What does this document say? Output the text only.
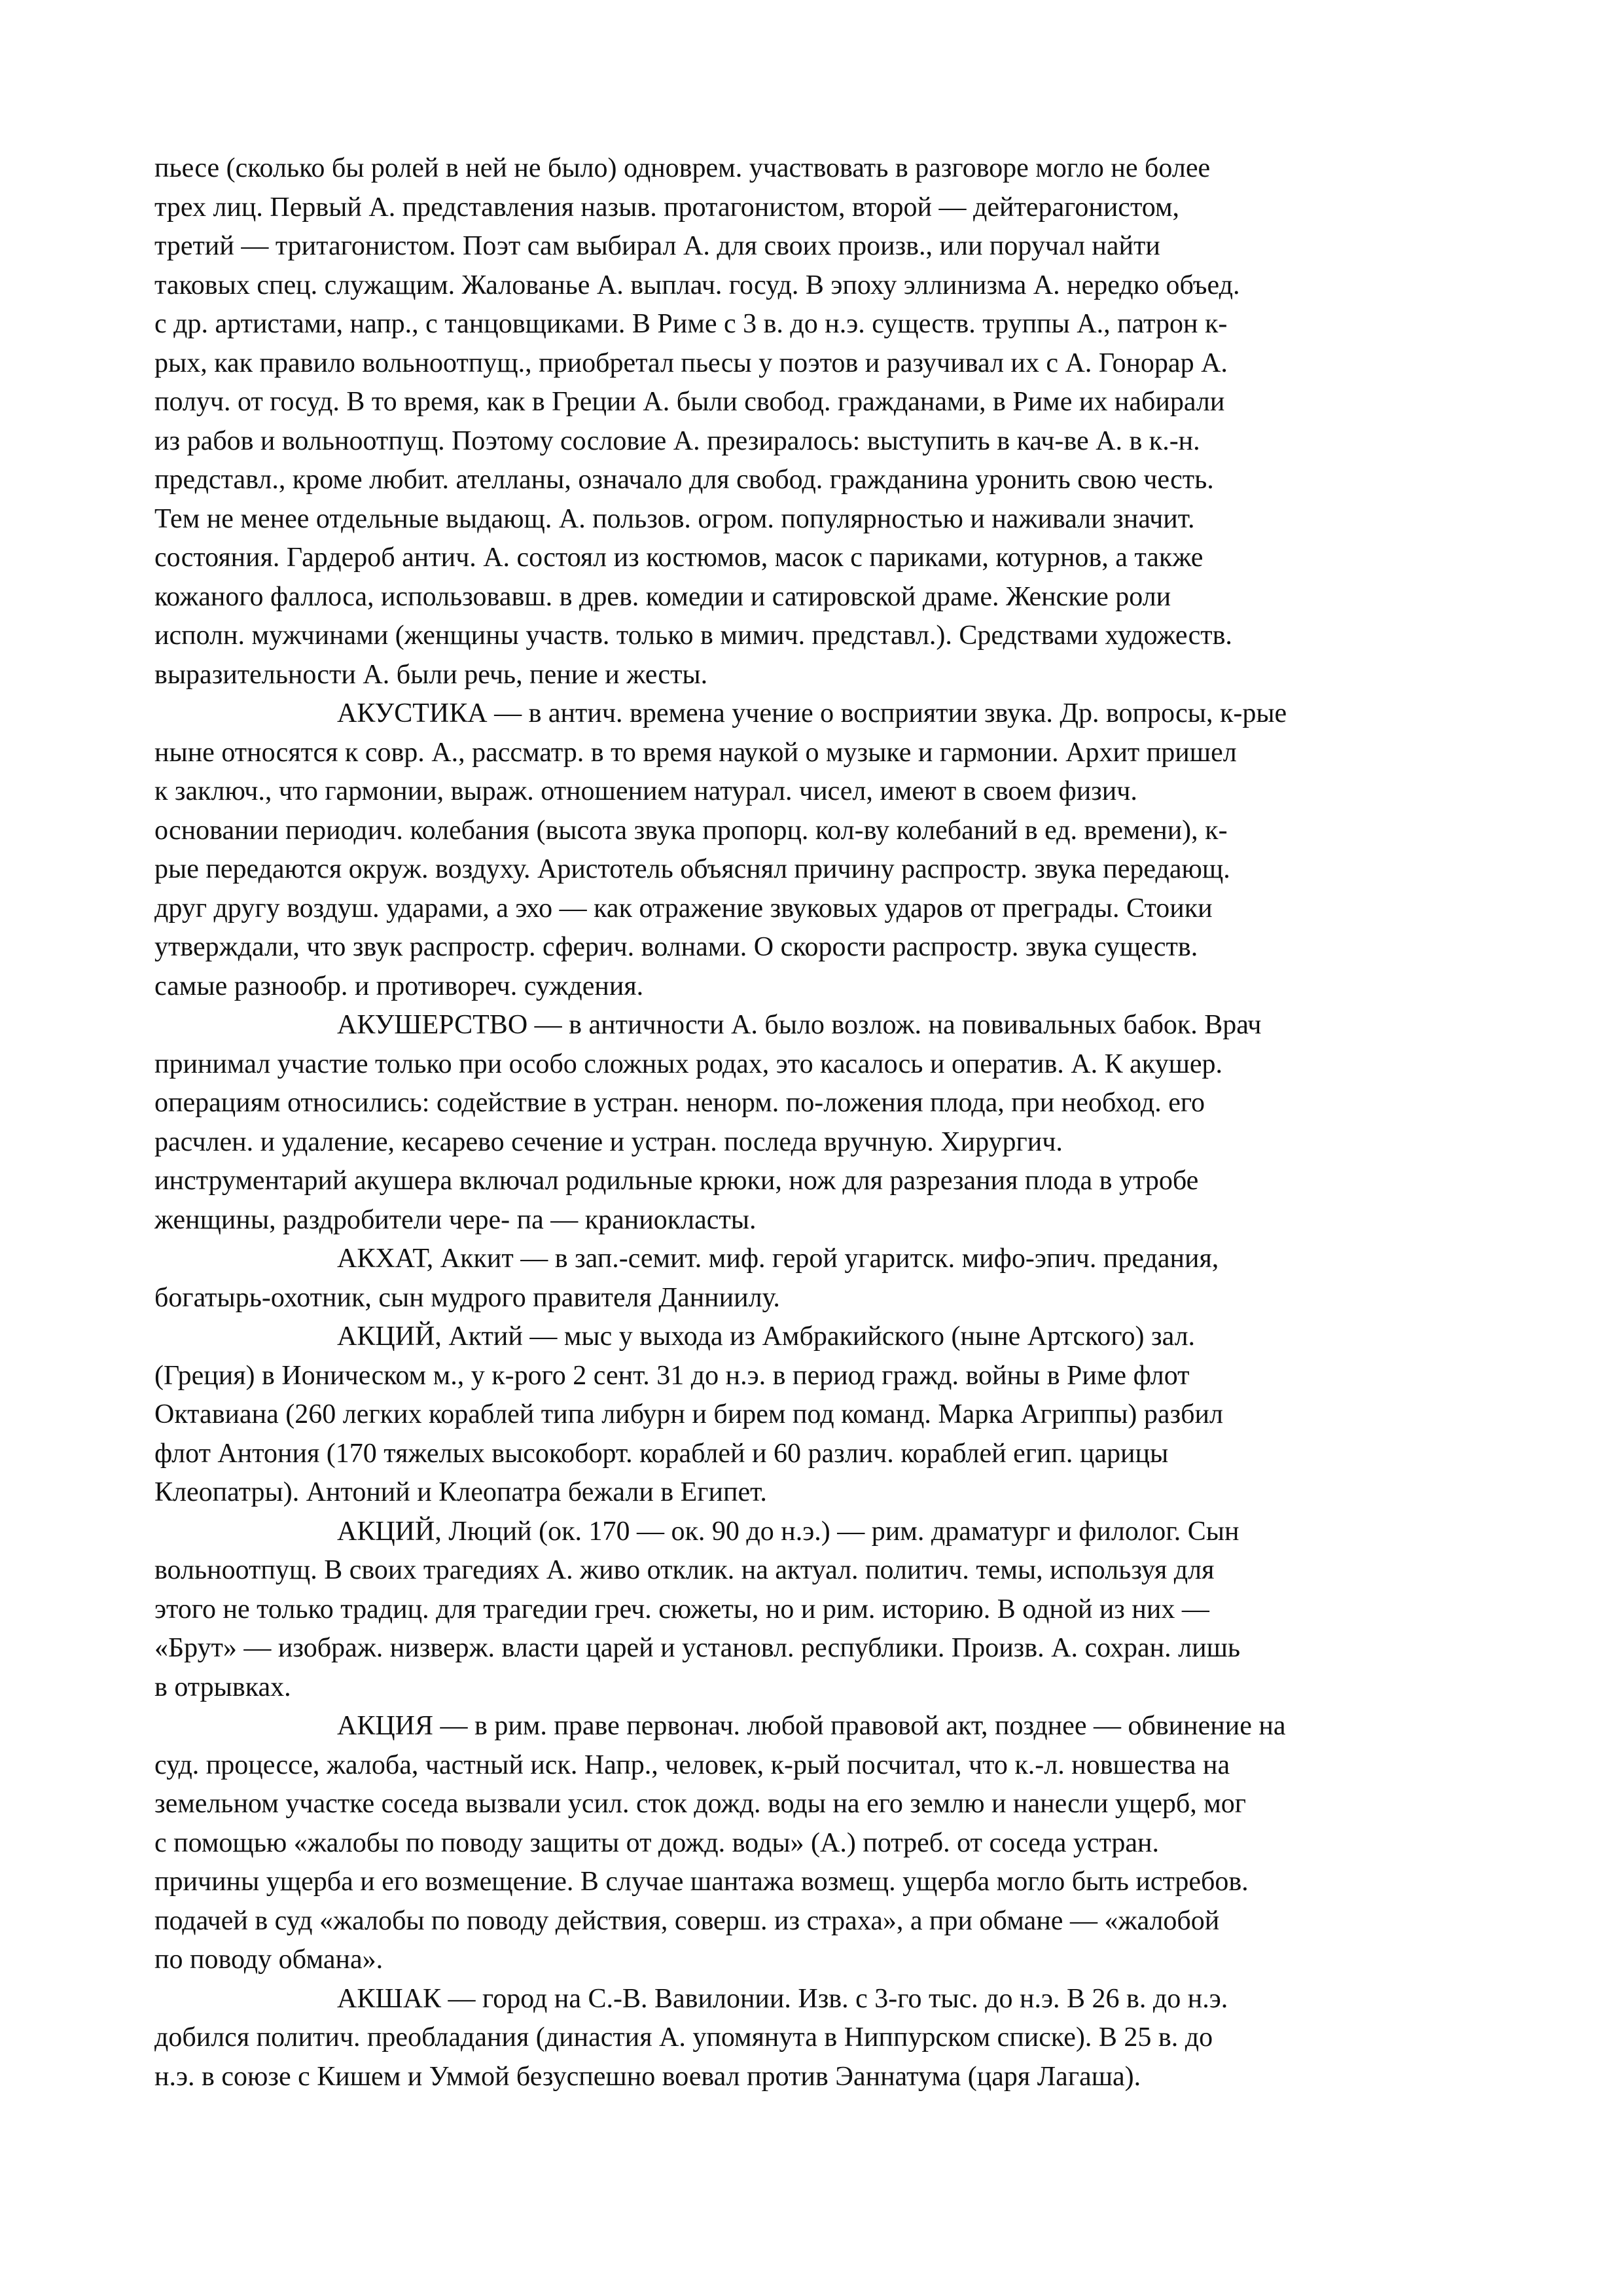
пьесе (сколько бы ролей в ней не было) одноврем. участвовать в разговоре могло не более
трех лиц. Первый А. представления назыв. протагонистом, второй — дейтерагонистом,
третий — тритагонистом. Поэт сам выбирал А. для своих произв., или поручал найти
таковых спец. служащим. Жалованье А. выплач. госуд. В эпоху эллинизма А. нередко объед.
с др. артистами, напр., с танцовщиками. В Риме с 3 в. до н.э. существ. труппы А., патрон к-
рых, как правило вольноотпущ., приобретал пьесы у поэтов и разучивал их с А. Гонорар А.
получ. от госуд. В то время, как в Греции А. были свобод. гражданами, в Риме их набирали
из рабов и вольноотпущ. Поэтому сословие А. презиралось: выступить в кач-ве А. в к.-н.
представл., кроме любит. ателланы, означало для свобод. гражданина уронить свою честь.
Тем не менее отдельные выдающ. А. пользов. огром. популярностью и наживали значит.
состояния. Гардероб антич. А. состоял из костюмов, масок с париками, котурнов, а также
кожаного фаллоса, использовавш. в древ. комедии и сатировской драме. Женские роли
исполн. мужчинами (женщины участв. только в мимич. представл.). Средствами художеств.
выразительности А. были речь, пение и жесты.

АКУСТИКА — в антич. времена учение о восприятии звука. Др. вопросы, к-рые
ныне относятся к совр. А., рассматр. в то время наукой о музыке и гармонии. Архит пришел
к заключ., что гармонии, выраж. отношением натурал. чисел, имеют в своем физич.
основании периодич. колебания (высота звука пропорц. кол-ву колебаний в ед. времени), к-
рые передаются окруж. воздуху. Аристотель объяснял причину распростр. звука передающ.
друг другу воздуш. ударами, а эхо — как отражение звуковых ударов от преграды. Стоики
утверждали, что звук распростр. сферич. волнами. О скорости распростр. звука существ.
самые разнообр. и противореч. суждения.

АКУШЕРСТВО — в античности А. было возлож. на повивальных бабок. Врач
принимал участие только при особо сложных родах, это касалось и оператив. А. К акушер.
операциям относились: содействие в устран. ненорм. по-ложения плода, при необход. его
расчлен. и удаление, кесарево сечение и устран. последа вручную. Хирургич.
инструментарий акушера включал родильные крюки, нож для разрезания плода в утробе
женщины, раздробители чере- па — краниокласты.

АКХАТ, Аккит — в зап.-семит. миф. герой угаритск. мифо-эпич. предания,
богатырь-охотник, сын мудрого правителя Данниилу.

АКЦИЙ, Актий — мыс у выхода из Амбракийского (ныне Артского) зал.
(Греция) в Ионическом м., у к-рого 2 сент. 31 до н.э. в период гражд. войны в Риме флот
Октавиана (260 легких кораблей типа либурн и бирем под команд. Марка Агриппы) разбил
флот Антония (170 тяжелых высокоборт. кораблей и 60 различ. кораблей егип. царицы
Клеопатры). Антоний и Клеопатра бежали в Египет.

АКЦИЙ, Люций (ок. 170 — ок. 90 до н.э.) — рим. драматург и филолог. Сын
вольноотпущ. В своих трагедиях А. живо отклик. на актуал. политич. темы, используя для
этого не только традиц. для трагедии греч. сюжеты, но и рим. историю. В одной из них —
«Брут» — изображ. низверж. власти царей и установл. республики. Произв. А. сохран. лишь
в отрывках.

АКЦИЯ — в рим. праве первонач. любой правовой акт, позднее — обвинение на
суд. процессе, жалоба, частный иск. Напр., человек, к-рый посчитал, что к.-л. новшества на
земельном участке соседа вызвали усил. сток дожд. воды на его землю и нанесли ущерб, мог
с помощью «жалобы по поводу защиты от дожд. воды» (А.) потреб. от соседа устран.
причины ущерба и его возмещение. В случае шантажа возмещ. ущерба могло быть истребов.
подачей в суд «жалобы по поводу действия, соверш. из страха», а при обмане — «жалобой
по поводу обмана».

АКШАК — город на С.-В. Вавилонии. Изв. с 3-го тыс. до н.э. В 26 в. до н.э.
добился политич. преобладания (династия А. упомянута в Ниппурском списке). В 25 в. до
н.э. в союзе с Кишем и Уммой безуспешно воевал против Эаннатума (царя Лагаша).
